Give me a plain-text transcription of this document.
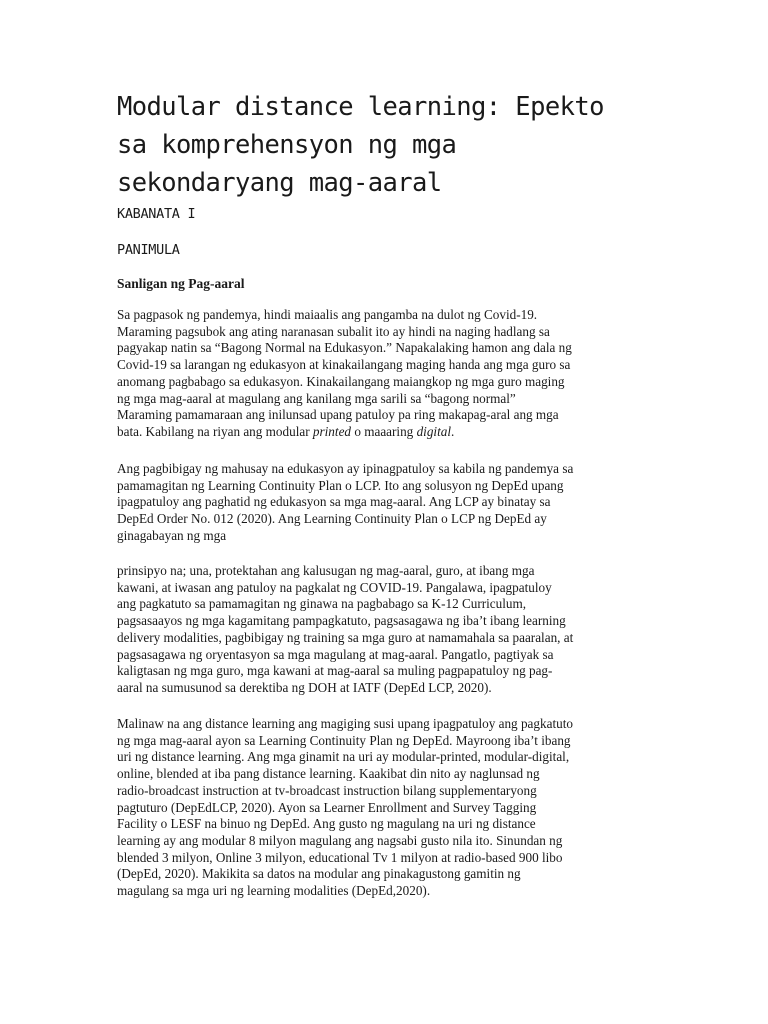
Modular distance learning: Epekto
sa komprehensyon ng mga
sekondaryang mag-aaral

KABANATA I

PANIMULA

Sanligan ng Pag-aaral

Sa pagpasok ng pandemya, hindi maiaalis ang pangamba na dulot ng Covid-19.
Maraming pagsubok ang ating naranasan subalit ito ay hindi na naging hadlang sa
pagyakap natin sa “Bagong Normal na Edukasyon.” Napakalaking hamon ang dala ng
Covid-19 sa larangan ng edukasyon at kinakailangang maging handa ang mga guro sa
anomang pagbabago sa edukasyon. Kinakailangang maiangkop ng mga guro maging
ng mga mag-aaral at magulang ang kanilang mga sarili sa “bagong normal”
Maraming pamamaraan ang inilunsad upang patuloy pa ring makapag-aral ang mga
bata. Kabilang na riyan ang modular printed o maaaring digital.

Ang pagbibigay ng mahusay na edukasyon ay ipinagpatuloy sa kabila ng pandemya sa
pamamagitan ng Learning Continuity Plan o LCP. Ito ang solusyon ng DepEd upang
ipagpatuloy ang paghatid ng edukasyon sa mga mag-aaral. Ang LCP ay binatay sa
DepEd Order No. 012 (2020). Ang Learning Continuity Plan o LCP ng DepEd ay
ginagabayan ng mga

prinsipyo na; una, protektahan ang kalusugan ng mag-aaral, guro, at ibang mga
kawani, at iwasan ang patuloy na pagkalat ng COVID-19. Pangalawa, ipagpatuloy
ang pagkatuto sa pamamagitan ng ginawa na pagbabago sa K-12 Curriculum,
pagsasaayos ng mga kagamitang pampagkatuto, pagsasagawa ng iba’t ibang learning
delivery modalities, pagbibigay ng training sa mga guro at namamahala sa paaralan, at
pagsasagawa ng oryentasyon sa mga magulang at mag-aaral. Pangatlo, pagtiyak sa
kaligtasan ng mga guro, mga kawani at mag-aaral sa muling pagpapatuloy ng pag-
aaral na sumusunod sa derektiba ng DOH at IATF (DepEd LCP, 2020).

Malinaw na ang distance learning ang magiging susi upang ipagpatuloy ang pagkatuto
ng mga mag-aaral ayon sa Learning Continuity Plan ng DepEd. Mayroong iba’t ibang
uri ng distance learning. Ang mga ginamit na uri ay modular-printed, modular-digital,
online, blended at iba pang distance learning. Kaakibat din nito ay naglunsad ng
radio-broadcast instruction at tv-broadcast instruction bilang supplementaryong
pagtuturo (DepEdLCP, 2020). Ayon sa Learner Enrollment and Survey Tagging
Facility o LESF na binuo ng DepEd. Ang gusto ng magulang na uri ng distance
learning ay ang modular 8 milyon magulang ang nagsabi gusto nila ito. Sinundan ng
blended 3 milyon, Online 3 milyon, educational Tv 1 milyon at radio-based 900 libo
(DepEd, 2020). Makikita sa datos na modular ang pinakagustong gamitin ng
magulang sa mga uri ng learning modalities (DepEd,2020).
